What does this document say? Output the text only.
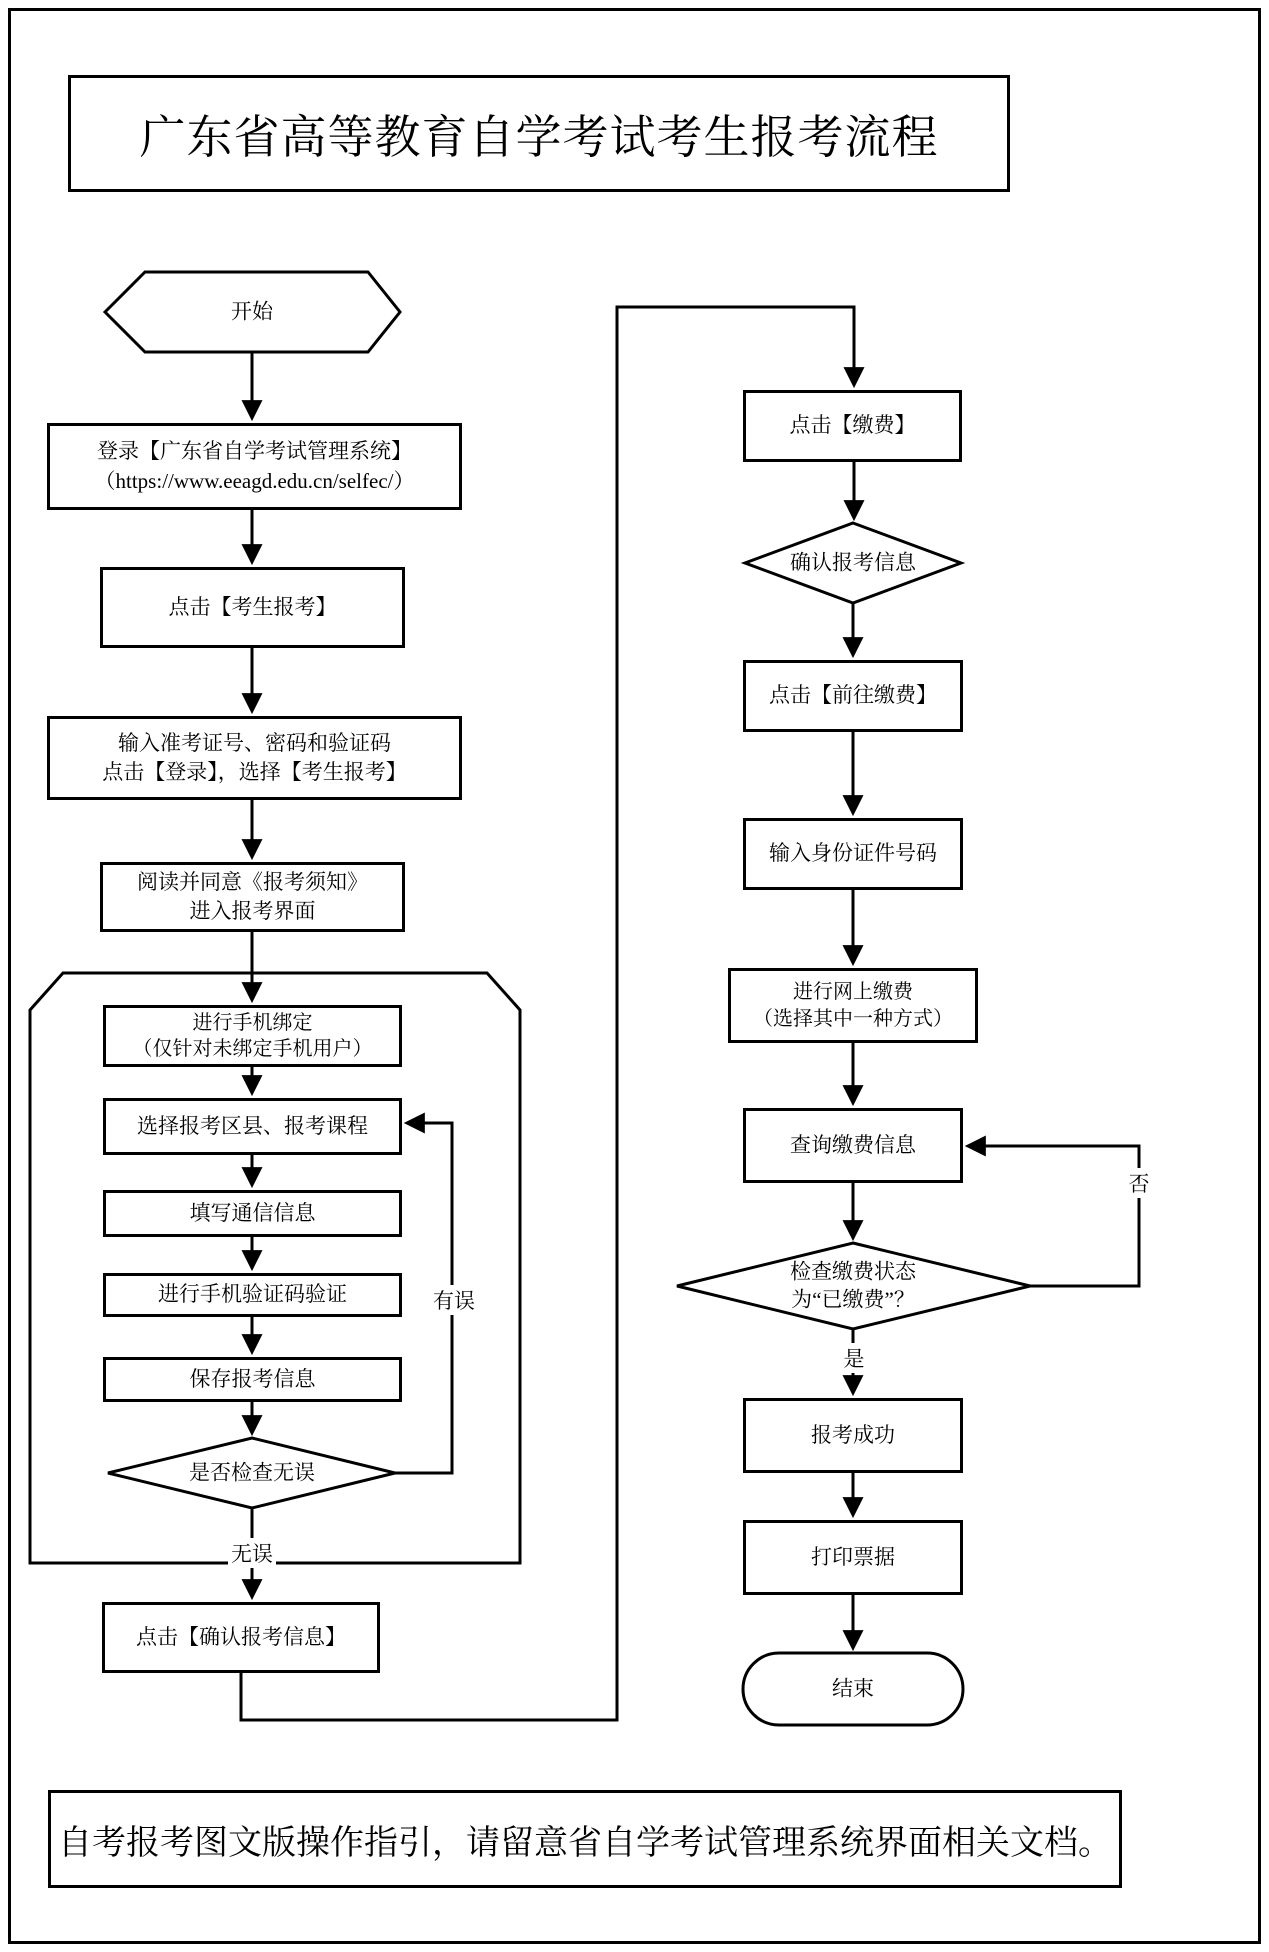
广东省高等教育自学考试考生报考流程
开始
结束
登录【广东省自学考试管理系统】
（https://www.eeagd.edu.cn/selfec/）
点击【考生报考】
输入准考证号、密码和验证码
点击【登录】，选择【考生报考】
阅读并同意《报考须知》
进入报考界面
进行手机绑定
（仅针对未绑定手机用户）
选择报考区县、报考课程
填写通信信息
进行手机验证码验证
保存报考信息
是否检查无误
点击【确认报考信息】
点击【缴费】
确认报考信息
点击【前往缴费】
输入身份证件号码
进行网上缴费
（选择其中一种方式）
查询缴费信息
检查缴费状态
为“已缴费”？
报考成功
打印票据
有误
无误
否
是
自考报考图文版操作指引，请留意省自学考试管理系统界面相关文档。
